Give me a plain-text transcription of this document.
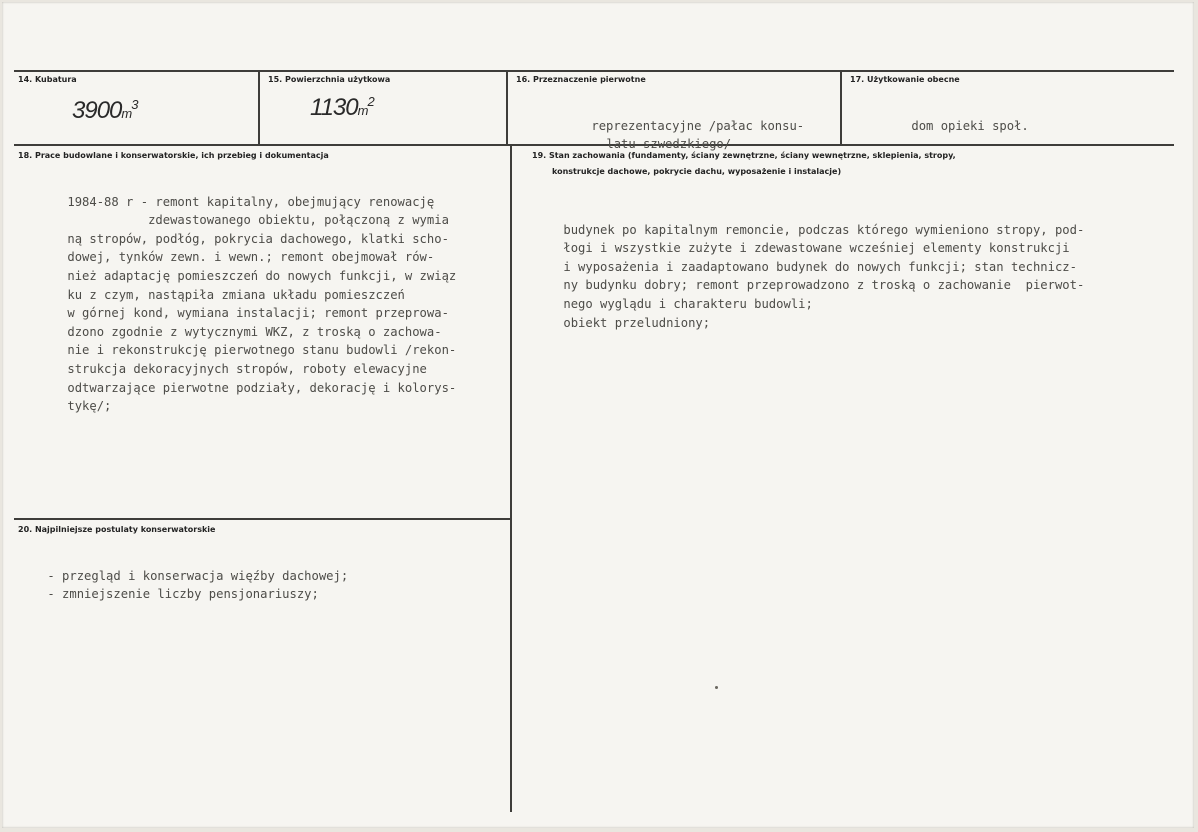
14. Kubatura
$3900m^3$
15. Powierzchnia użytkowa
$1130m^2$
16. Przeznaczenie pierwotne

reprezentacyjne /pałac konsu-
latu szwedzkiego/

17. Użytkowanie obecne

dom opieki społ.

18. Prace budowlane i konserwatorskie, ich przebieg i dokumentacja

1984-88 r - remont kapitalny, obejmujący renowację
zdewastowanego obiektu, połączoną z wymia
ną stropów, podłóg, pokrycia dachowego, klatki scho-
dowej, tynków zewn. i wewn.; remont obejmował rów-
nież adaptację pomieszczeń do nowych funkcji, w związ
ku z czym, nastąpiła zmiana układu pomieszczeń
w górnej kond, wymiana instalacji; remont przeprowa-
dzono zgodnie z wytycznymi WKZ, z troską o zachowa-
nie i rekonstrukcję pierwotnego stanu budowli /rekon-
strukcja dekoracyjnych stropów, roboty elewacyjne
odtwarzające pierwotne podziały, dekorację i kolorys-
tykę/;

19. Stan zachowania (fundamenty, ściany zewnętrzne, ściany wewnętrzne, sklepienia, stropy,
konstrukcje dachowe, pokrycie dachu, wyposażenie i instalacje)

budynek po kapitalnym remoncie, podczas którego wymieniono stropy, pod-
łogi i wszystkie zużyte i zdewastowane wcześniej elementy konstrukcji
i wyposażenia i zaadaptowano budynek do nowych funkcji; stan technicz-
ny budynku dobry; remont przeprowadzono z troską o zachowanie  pierwot-
nego wyglądu i charakteru budowli;
obiekt przeludniony;

20. Najpilniejsze postulaty konserwatorskie

- przegląd i konserwacja więźby dachowej;
- zmniejszenie liczby pensjonariuszy;
